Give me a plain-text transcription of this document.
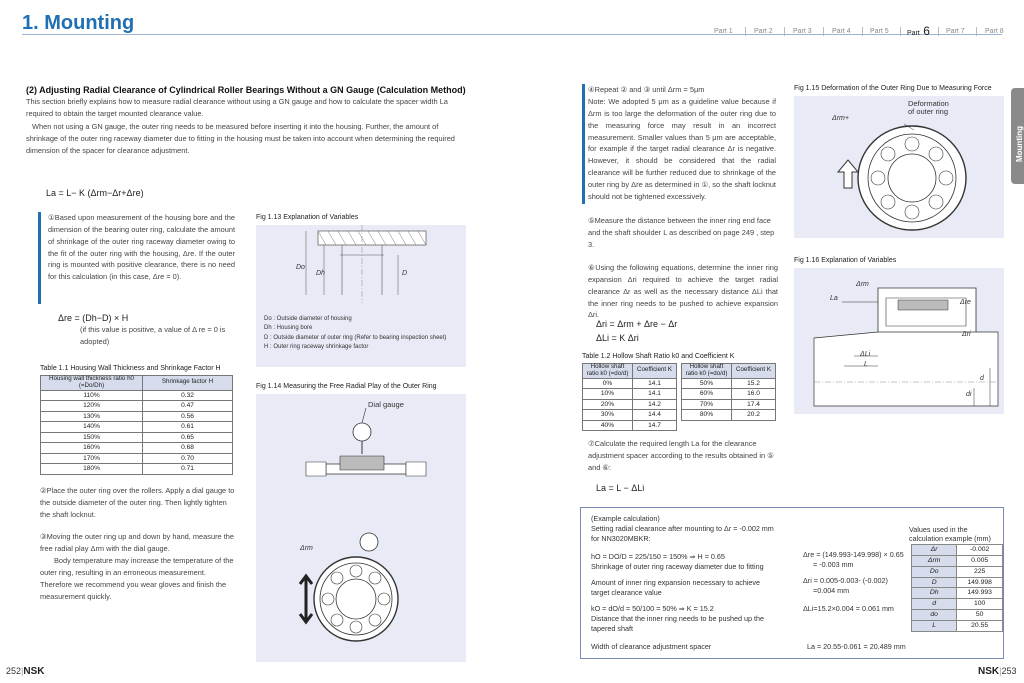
1. Mounting	Part 1	Part 2	Part 3	Part 4	Part 5	Part 6 Part 7	Part 8
Mounting
(2) Adjusting Radial Clearance of Cylindrical Roller Bearings Without a GN Gauge (Calculation Method)
This section briefly explains how to measure radial clearance without using a GN gauge and how to calculate the spacer width La required to obtain the target mounted clearance value.
When not using a GN gauge, the outer ring needs to be measured before inserting it into the housing. Further, the amount of shrinkage of the outer ring raceway diameter due to fitting in the housing must be taken into account when determining the required dimension of the spacer for clearance adjustment.
La = L− K (Δrm−Δr+Δre)
①Based upon measurement of the housing bore and the dimension of the bearing outer ring, calculate the amount of shrinkage of the outer ring raceway diameter owing to the fit of the outer ring with the housing, Δre. If the outer ring is mounted with positive clearance, there is no need for this calculation (in this case, Δre = 0).
Δre = (Dh−D) × H
(if this value is positive, a value of Δ re = 0 is adopted)
Table 1.1 Housing Wall Thickness and Shrinkage Factor H
Housing wall thickness ratio h0 (=Do/Dh)	Shrinkage factor H
110%	0.32
120%	0.47
130%	0.56
140%	0.61
150%	0.65
160%	0.68
170%	0.70
180%	0.71
②Place the outer ring over the rollers. Apply a dial gauge to the outside diameter of the outer ring. Then lightly tighten the shaft locknut.
③Moving the outer ring up and down by hand, measure the free radial play Δrm with the dial gauge.
Body temperature may increase the temperature of the outer ring, resulting in an erroneous measurement. Therefore we recommend you wear gloves and finish the measurement quickly.
Fig 1.13 Explanation of Variables
Do
Dh	D
Do : Outside diameter of housing
Dh : Housing bore
D : Outside diameter of outer ring (Refer to bearing inspection sheet)
H : Outer ring raceway shrinkage factor
Fig 1.14 Measuring the Free Radial Play of the Outer Ring
Dial gauge
Δrm
④Repeat ② and ③ until Δrm = 5μm
Note: We adopted 5 μm as a guideline value because if Δrm is too large the deformation of the outer ring due to the measuring force may result in an incorrect measurement. Smaller values than 5 μm are acceptable, for example if the target radial clearance Δr is negative. However, it should be considered that the radial clearance will be further reduced due to shrinkage of the outer ring by Δre as determined in ①, so the shaft locknut should not be tightened excessively.
⑤Measure the distance between the inner ring end face and the shaft shoulder L as described on page 249 , step 3.
⑥Using the following equations, determine the inner ring expansion Δri required to achieve the target radial clearance Δr as well as the necessary distance ΔLi that the inner ring needs to be pushed to achieve expansion Δri.
Δri = Δrm + Δre − Δr
ΔLi = K Δri
Table 1.2 Hollow Shaft Ratio k0 and Coefficient K
Hollow shaft ratio k0 (=do/d)	Coefficient K
0%	14.1
10%	14.1
20%	14.2
30%	14.4
40%	14.7
Hollow shaft ratio k0 (=do/d)	Coefficient K
50%	15.2
60%	16.0
70%	17.4
80%	20.2
⑦Calculate the required length La for the clearance adjustment spacer according to the results obtained in ⑤ and ⑥:
La = L − ΔLi
Fig 1.15 Deformation of the Outer Ring Due to Measuring Force
Deformation
of outer ring
Δrm+
Fig 1.16 Explanation of Variables
Δrm
La
Δre
Δri
ΔLi
L
d
di
(Example calculation)
Setting radial clearance after mounting to Δr = -0.002 mm
for NN3020MBKR:
hO = DO/D = 225/150 = 150% ⇒ H = 0.65
Shrinkage of outer ring raceway diameter due to fitting
Δre = (149.993-149.998) × 0.65
= -0.003 mm
Amount of inner ring expansion necessary to achieve
target clearance value
Δri = 0.005-0.003- (-0.002)
=0.004 mm
kO = dO/d = 50/100 = 50% ⇒ K = 15.2
Distance that the inner ring needs to be pushed up the
tapered shaft
ΔLi=15.2×0.004 = 0.061 mm
Width of clearance adjustment spacer	La = 20.55-0.061 = 20.489 mm
Values used in the calculation example (mm)
Δr	-0.002
Δrm	0.005
Do	225
D	149.998
Dh	149.993
d	100
do	50
L	20.55
252|NSK	NSK|253
